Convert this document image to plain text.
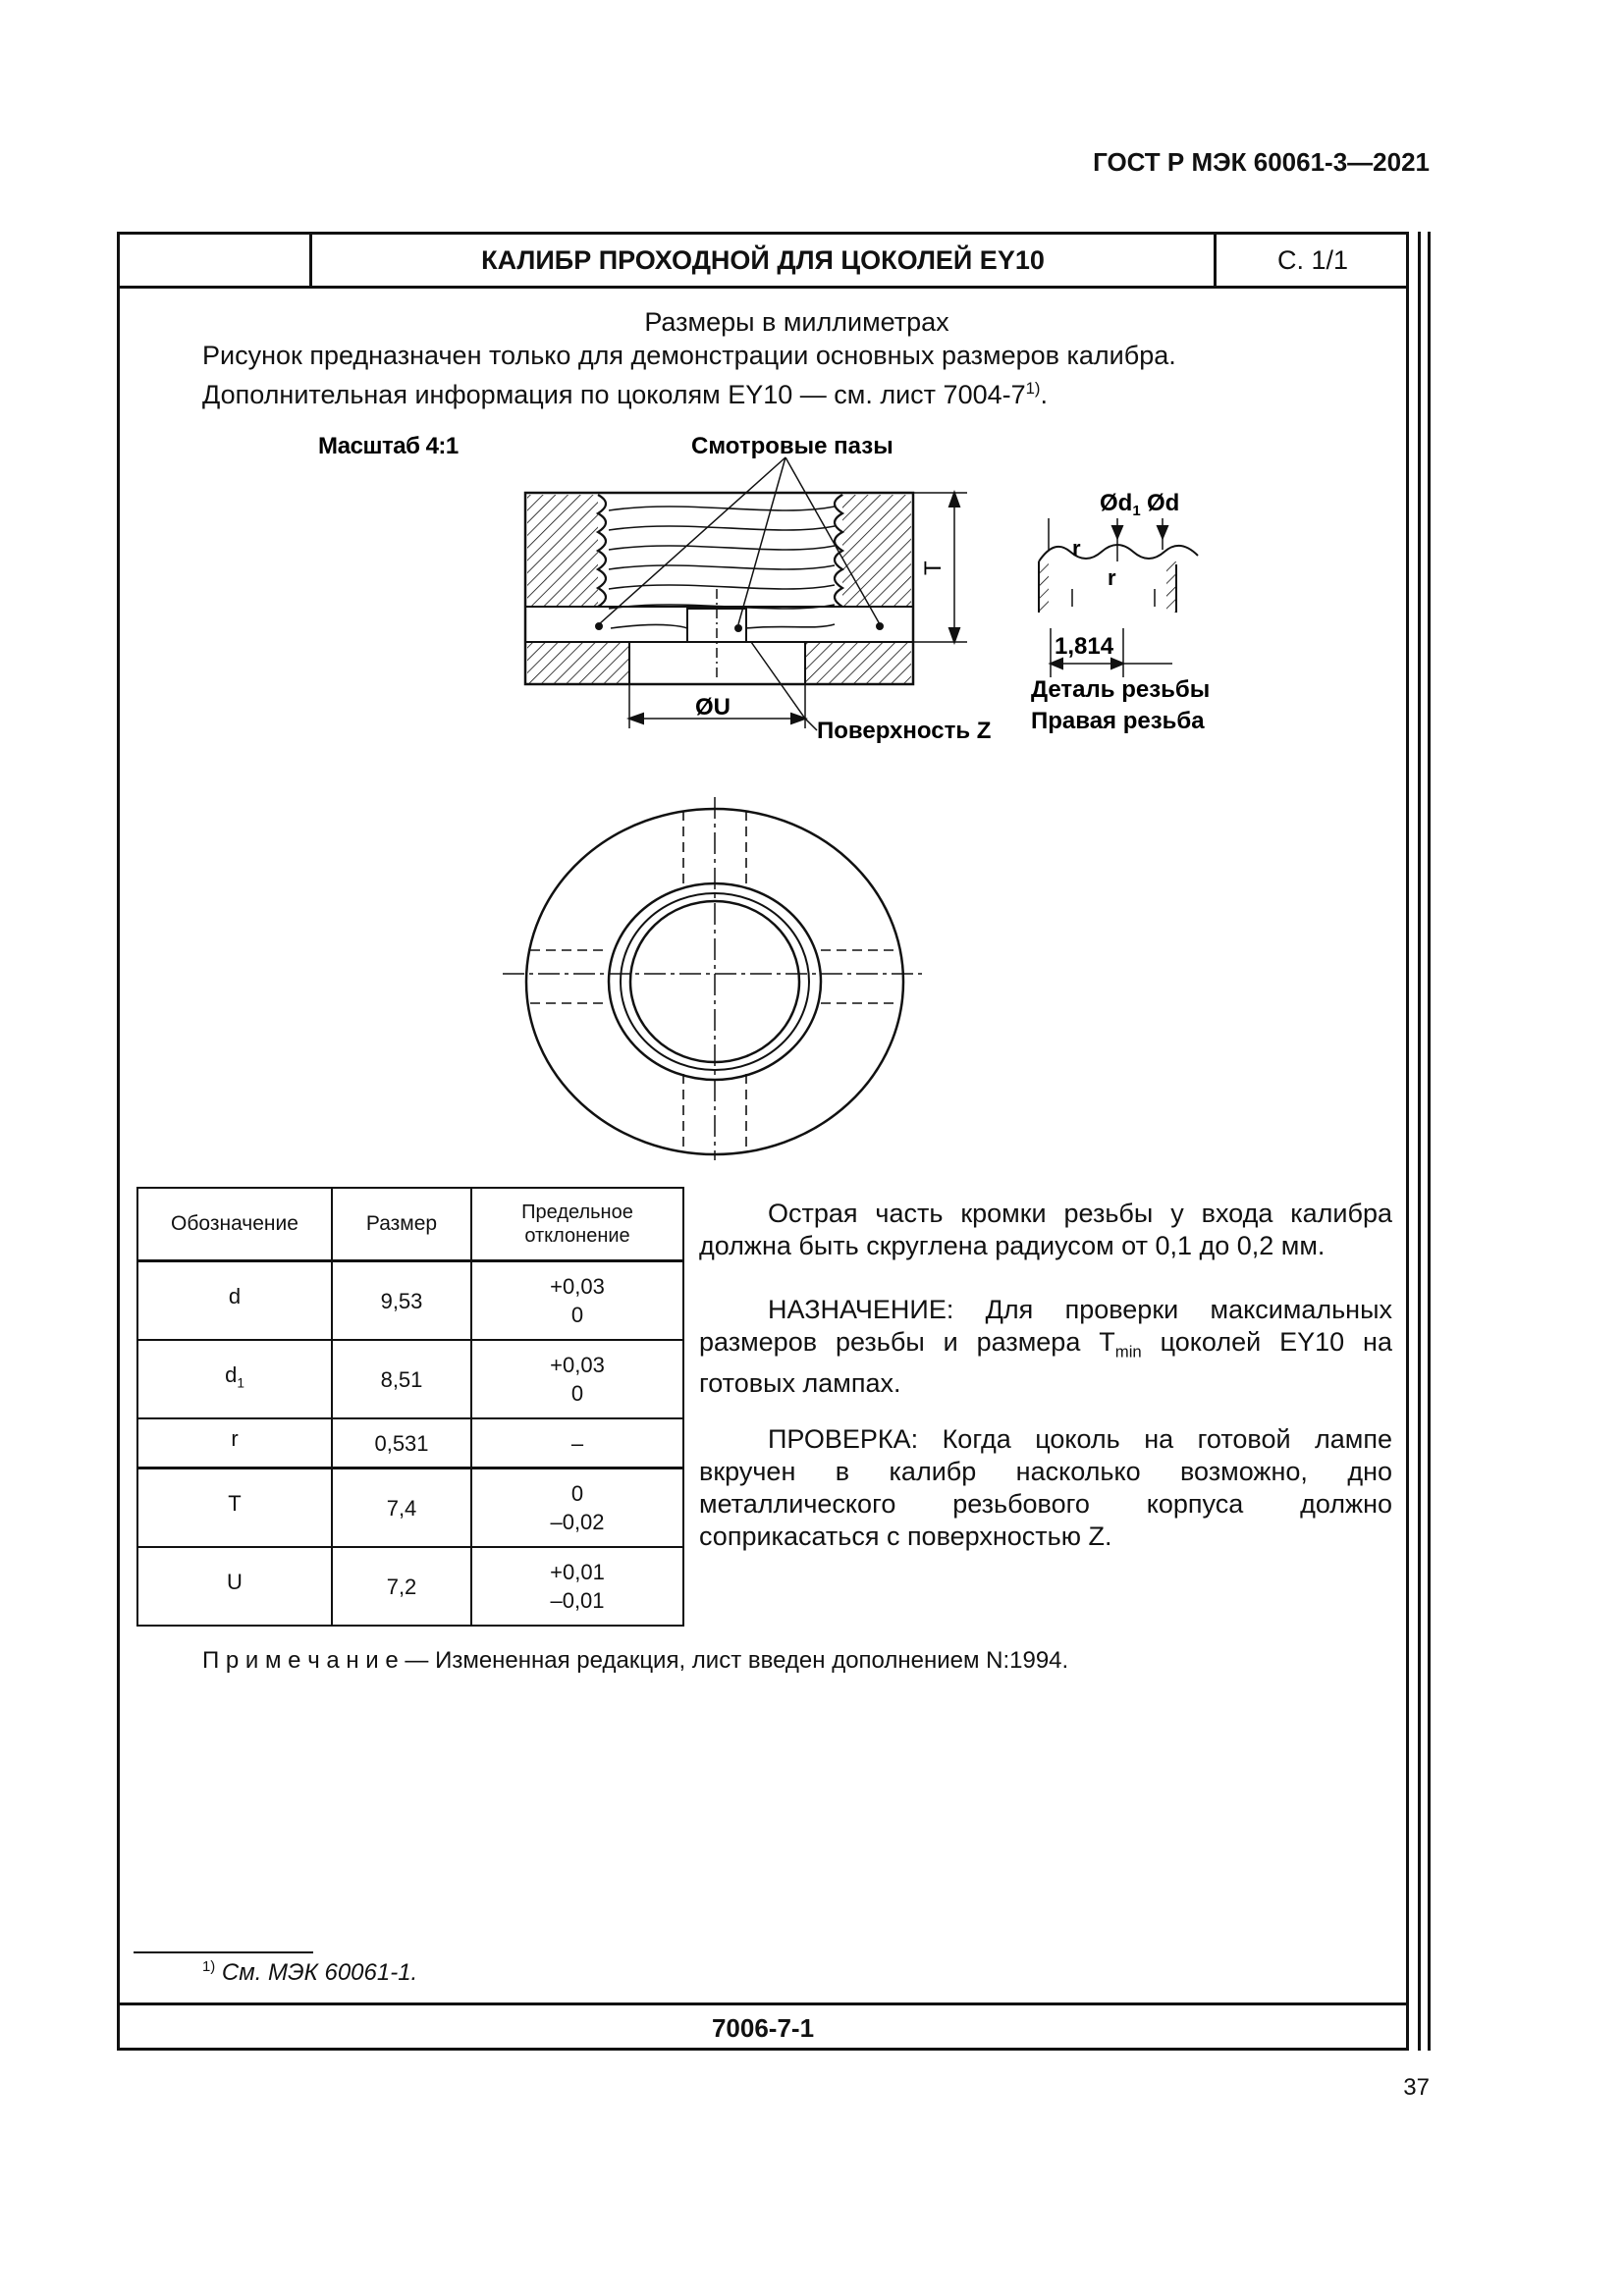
ГОСТ Р МЭК 60061-3—2021
КАЛИБР ПРОХОДНОЙ ДЛЯ ЦОКОЛЕЙ EY10	С. 1/1
Размеры в миллиметрах
Рисунок предназначен только для демонстрации основных размеров калибра.
Дополнительная информация по цоколям EY10 — см. лист 7004-7$^{1)}$.
Масштаб 4:1	Смотровые пазы
T
ØU
Поверхность Z
$Ød_1$ Ød
r
r
1,814
Деталь резьбы
Правая резьба
Обозначение	Размер	Предельное отклонение
d	9,53	+0,03
0

$d_1$	8,51	+0,03
0

r	0,531	–

T	7,4	0
–0,02

U	7,2	+0,01
–0,01
Острая часть кромки резьбы у входа калибра должна быть скруглена радиусом от 0,1 до 0,2 мм.
НАЗНАЧЕНИЕ: Для проверки максимальных размеров резьбы и размера $T_{min}$ цоколей EY10 на готовых лампах.
ПРОВЕРКА: Когда цоколь на готовой лампе вкручен в калибр насколько возможно, дно металлического резьбового корпуса должно соприкасаться с поверхностью Z.
П р и м е ч а н и е — Измененная редакция, лист введен дополнением N:1994.
$^{1)}$ См. МЭК 60061-1.
7006-7-1
37
